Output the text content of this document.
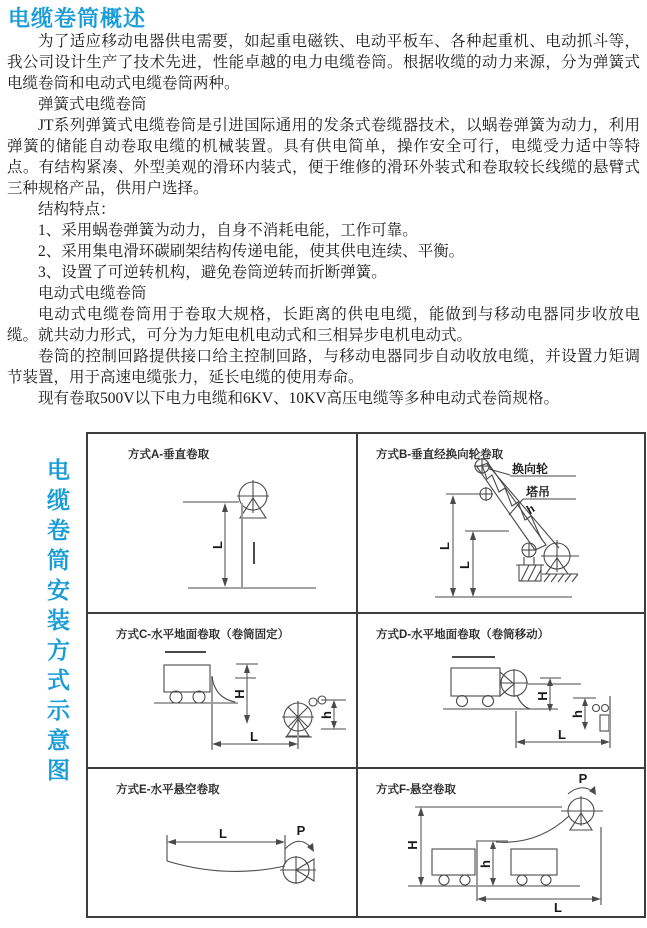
电缆卷筒概述

为了适应移动电器供电需要，如起重电磁铁、电动平板车、各种起重机、电动抓斗等，我公司设计生产了技术先进，性能卓越的电力电缆卷筒。根据收缆的动力来源，分为弹簧式电缆卷筒和电动式电缆卷筒两种。

弹簧式电缆卷筒

JT系列弹簧式电缆卷筒是引进国际通用的发条式卷缆器技术，以蜗卷弹簧为动力，利用弹簧的储能自动卷取电缆的机械装置。具有供电简单，操作安全可行，电缆受力适中等特点。有结构紧凑、外型美观的滑环内装式，便于维修的滑环外装式和卷取较长线缆的悬臂式三种规格产品，供用户选择。

结构特点：

1、采用蜗卷弹簧为动力，自身不消耗电能，工作可靠。

2、采用集电滑环碳刷架结构传递电能，使其供电连续、平衡。

3、设置了可逆转机构，避免卷筒逆转而折断弹簧。

电动式电缆卷筒

电动式电缆卷筒用于卷取大规格，长距离的供电电缆，能做到与移动电器同步收放电缆。就共动力形式，可分为力矩电机电动式和三相异步电机电动式。

卷筒的控制回路提供接口给主控制回路，与移动电器同步自动收放电缆，并设置力矩调节装置，用于高速电缆张力，延长电缆的使用寿命。

现有卷取500V以下电力电缆和6KV、10KV高压电缆等多种电动式卷筒规格。

电缆卷筒安装方式示意图
方式A-垂直卷取
L
方式B-垂直经换向轮卷取
L
L
换向轮
塔吊
h
方式C-水平地面卷取（卷筒固定）
H
h
L
方式D-水平地面卷取（卷筒移动）
H
h
L
方式E-水平悬空卷取
L	P
方式F-悬空卷取
P
H
h
L
